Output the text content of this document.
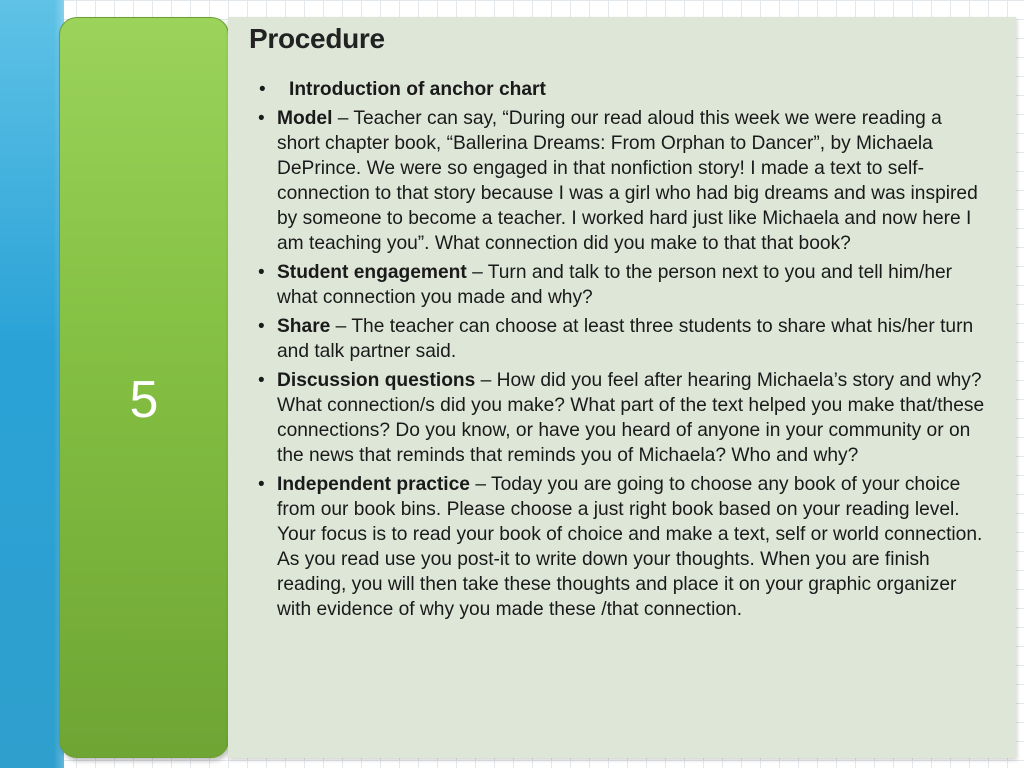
5
Procedure
• Introduction of anchor chart
• Model – Teacher can say, “During our read aloud this week we were reading a short chapter book, “Ballerina Dreams: From Orphan to Dancer”, by Michaela DePrince. We were so engaged in that nonfiction story! I made a text to self-connection to that story because I was a girl who had big dreams and was inspired by someone to become a teacher. I worked hard just like Michaela and now here I am teaching you”. What connection did you make to that that book?
• Student engagement – Turn and talk to the person next to you and tell him/her what connection you made and why?
• Share – The teacher can choose at least three students to share what his/her turn and talk partner said.
• Discussion questions – How did you feel after hearing Michaela’s story and why? What connection/s did you make? What part of the text helped you make that/these connections? Do you know, or have you heard of anyone in your community or on the news that reminds that reminds you of Michaela? Who and why?
• Independent practice – Today you are going to choose any book of your choice from our book bins. Please choose a just right book based on your reading level. Your focus is to read your book of choice and make a text, self or world connection. As you read use you post-it to write down your thoughts. When you are finish reading, you will then take these thoughts and place it on your graphic organizer with evidence of why you made these /that connection.
